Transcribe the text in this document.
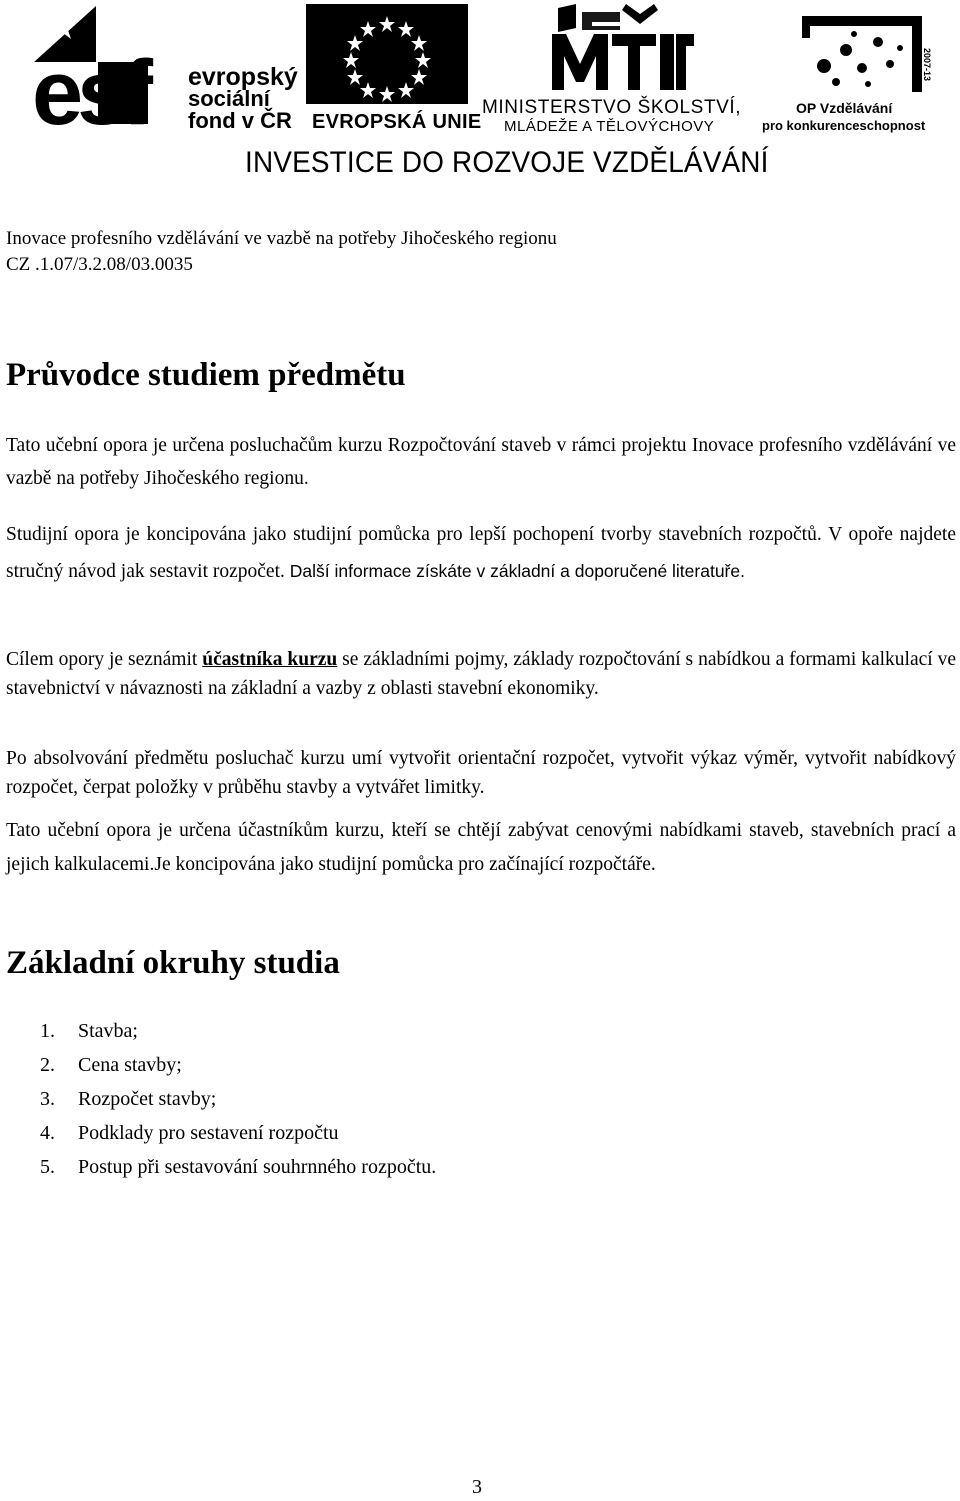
esf evropský
sociální
fond v ČR EVROPSKÁ UNIE
MINISTERSTVO ŠKOLSTVÍ,
MLÁDEŽE A TĚLOVÝCHOVY
2007-13
OP Vzdělávání
pro konkurenceschopnost
INVESTICE DO ROZVOJE VZDĚLÁVÁNÍ
Inovace profesního vzdělávání ve vazbě na potřeby Jihočeského regionu
CZ .1.07/3.2.08/03.0035
Průvodce studiem předmětu

Tato učební opora je určena posluchačům kurzu Rozpočtování staveb v rámci projektu Inovace profesního vzdělávání ve vazbě na potřeby Jihočeského regionu.

Studijní opora je koncipována jako studijní pomůcka pro lepší pochopení tvorby stavebních rozpočtů. V opoře najdete stručný návod jak sestavit rozpočet. Další informace získáte v základní a doporučené literatuře.

Cílem opory je seznámit účastníka kurzu se základními pojmy, základy rozpočtování s nabídkou a formami kalkulací ve stavebnictví v návaznosti na základní a vazby z oblasti stavební ekonomiky.

Po absolvování předmětu posluchač kurzu umí vytvořit orientační rozpočet, vytvořit výkaz výměr, vytvořit nabídkový rozpočet, čerpat položky v průběhu stavby a vytvářet limitky.

Tato učební opora je určena účastníkům kurzu, kteří se chtějí zabývat cenovými nabídkami staveb, stavebních prací a jejich kalkulacemi.Je koncipována jako studijní pomůcka pro začínající rozpočtáře.

Základní okruhy studia
1. Stavba;
2. Cena stavby;
3. Rozpočet stavby;
4. Podklady pro sestavení rozpočtu
5. Postup při sestavování souhrnného rozpočtu.
3
